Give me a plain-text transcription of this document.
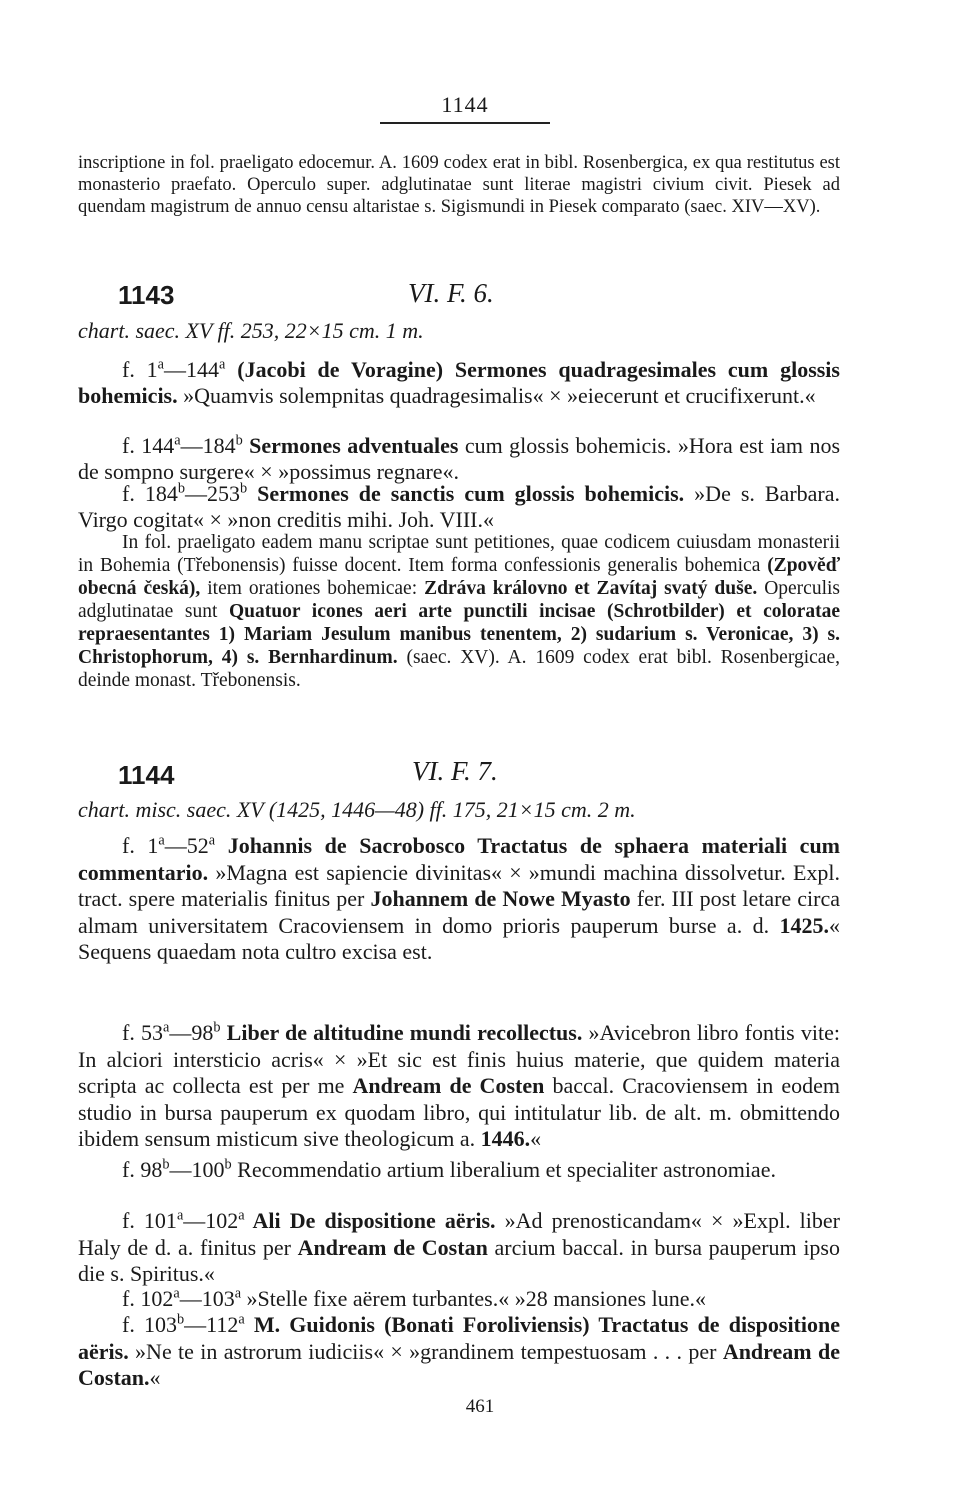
1144
inscriptione in fol. praeligato edocemur. A. 1609 codex erat in bibl. Rosenbergica, ex qua restitutus est monasterio praefato. Operculo super. adglutinatae sunt literae magistri civium civit. Piesek ad quendam magistrum de annuo censu altaristae s. Sigismundi in Piesek comparato (saec. XIV—XV).
1143	VI. F. 6.
chart. saec. XV ff. 253, 22×15 cm. 1 m.
f. 1$^a$—144$^a$ (Jacobi de Voragine) Sermones quadragesimales cum glossis bohemicis. »Quamvis solempnitas quadragesimalis« × »eiecerunt et crucifixerunt.«
f. 144$^a$—184$^b$ Sermones adventuales cum glossis bohemicis. »Hora est iam nos de sompno surgere« × »possimus regnare«.
f. 184$^b$—253$^b$ Sermones de sanctis cum glossis bohemicis. »De s. Barbara. Virgo cogitat« × »non creditis mihi. Joh. VIII.«
In fol. praeligato eadem manu scriptae sunt petitiones, quae codicem cuiusdam monasterii in Bohemia (Třebonensis) fuisse docent. Item forma confessionis generalis bohemica (Zpověď obecná česká), item orationes bohemicae: Zdráva královno et Zavítaj svatý duše. Operculis adglutinatae sunt Quatuor icones aeri arte punctili incisae (Schrotbilder) et coloratae repraesentantes 1) Mariam Jesulum manibus tenentem, 2) sudarium s. Veronicae, 3) s. Christophorum, 4) s. Bernhardinum. (saec. XV). A. 1609 codex erat bibl. Rosenbergicae, deinde monast. Třebonensis.
1144	VI. F. 7.
chart. misc. saec. XV (1425, 1446—48) ff. 175, 21×15 cm. 2 m.
f. 1$^a$—52$^a$ Johannis de Sacrobosco Tractatus de sphaera materiali cum commentario. »Magna est sapiencie divinitas« × »mundi machina dissolvetur. Expl. tract. spere materialis finitus per Johannem de Nowe Myasto fer. III post letare circa almam universitatem Cracoviensem in domo prioris pauperum burse a. d. 1425.« Sequens quaedam nota cultro excisa est.
f. 53$^a$—98$^b$ Liber de altitudine mundi recollectus. »Avicebron libro fontis vite: In alciori intersticio acris« × »Et sic est finis huius materie, que quidem materia scripta ac collecta est per me Andream de Costen baccal. Cracoviensem in eodem studio in bursa pauperum ex quodam libro, qui intitulatur lib. de alt. m. obmittendo ibidem sensum misticum sive theologicum a. 1446.«
f. 98$^b$—100$^b$ Recommendatio artium liberalium et specialiter astronomiae.
f. 101$^a$—102$^a$ Ali De dispositione aëris. »Ad prenosticandam« × »Expl. liber Haly de d. a. finitus per Andream de Costan arcium baccal. in bursa pauperum ipso die s. Spiritus.«
f. 102$^a$—103$^a$ »Stelle fixe aërem turbantes.« »28 mansiones lune.«
f. 103$^b$—112$^a$ M. Guidonis (Bonati Foroliviensis) Tractatus de dispositione aëris. »Ne te in astrorum iudiciis« × »grandinem tempestuosam . . . per Andream de Costan.«
461
